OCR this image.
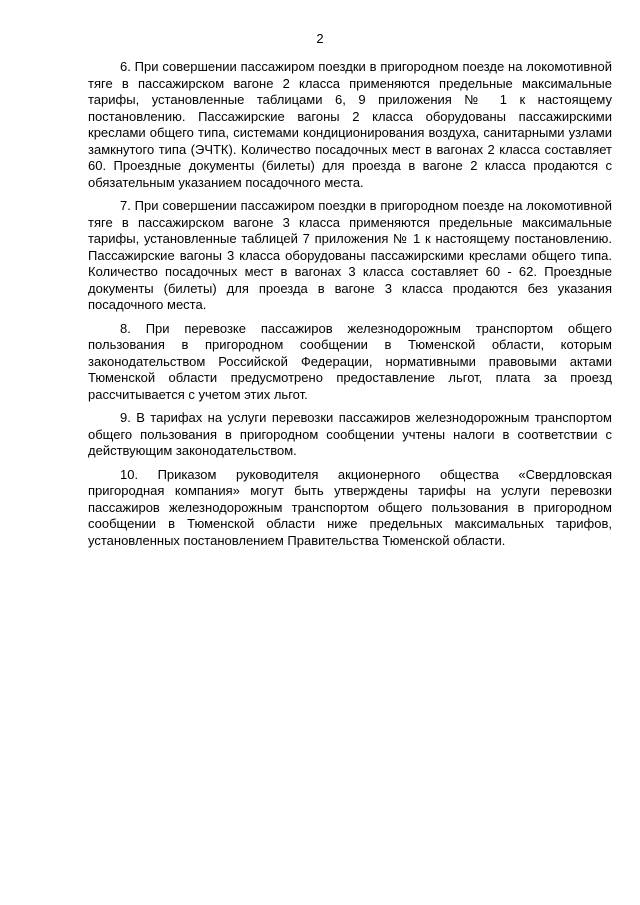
2

6. При совершении пассажиром поездки в пригородном поезде на локомотивной тяге в пассажирском вагоне 2 класса применяются предельные максимальные тарифы, установленные таблицами 6, 9 приложения № 1 к настоящему постановлению. Пассажирские вагоны 2 класса оборудованы пассажирскими креслами общего типа, системами кондиционирования воздуха, санитарными узлами замкнутого типа (ЭЧТК). Количество посадочных мест в вагонах 2 класса составляет 60. Проездные документы (билеты) для проезда в вагоне 2 класса продаются с обязательным указанием посадочного места.

7. При совершении пассажиром поездки в пригородном поезде на локомотивной тяге в пассажирском вагоне 3 класса применяются предельные максимальные тарифы, установленные таблицей 7 приложения № 1 к настоящему постановлению. Пассажирские вагоны 3 класса оборудованы пассажирскими креслами общего типа. Количество посадочных мест в вагонах 3 класса составляет 60 - 62. Проездные документы (билеты) для проезда в вагоне 3 класса продаются без указания посадочного места.

8. При перевозке пассажиров железнодорожным транспортом общего пользования в пригородном сообщении в Тюменской области, которым законодательством Российской Федерации, нормативными правовыми актами Тюменской области предусмотрено предоставление льгот, плата за проезд рассчитывается с учетом этих льгот.

9. В тарифах на услуги перевозки пассажиров железнодорожным транспортом общего пользования в пригородном сообщении учтены налоги в соответствии с действующим законодательством.

10. Приказом руководителя акционерного общества «Свердловская пригородная компания» могут быть утверждены тарифы на услуги перевозки пассажиров железнодорожным транспортом общего пользования в пригородном сообщении в Тюменской области ниже предельных максимальных тарифов, установленных постановлением Правительства Тюменской области.
